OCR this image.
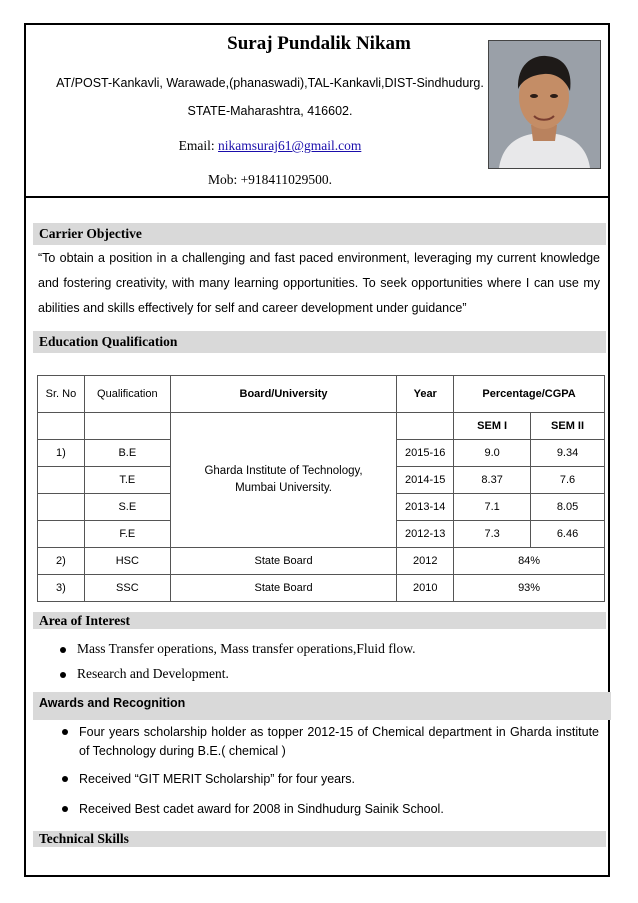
Suraj Pundalik Nikam
AT/POST-Kankavli, Warawade,(phanaswadi),TAL-Kankavli,DIST-Sindhudurg.
STATE-Maharashtra, 416602.
Email: nikamsuraj61@gmail.com
Mob: +918411029500.
Carrier Objective
“To obtain a position in a challenging and fast paced environment, leveraging my current knowledge and fostering creativity, with many learning opportunities. To seek opportunities where I can use my abilities and skills effectively for self and career development under guidance”
Education Qualification
Sr. No	Qualification	Board/University	Year	Percentage/CGPA	
		Gharda Institute of Technology, Mumbai University.		SEM I	SEM II
1)	B.E		2015-16	9.0	9.34
	T.E		2014-15	8.37	7.6
	S.E		2013-14	7.1	8.05
	F.E		2012-13	7.3	6.46
2)	HSC	State Board	2012	84%	
3)	SSC	State Board	2010	93%	
Area of Interest
Mass Transfer operations, Mass transfer operations,Fluid flow.
Research and Development.
Awards and Recognition
Four years scholarship holder as topper 2012-15 of Chemical department in Gharda institute of Technology during B.E.( chemical )
Received “GIT MERIT Scholarship” for four years.
Received Best cadet award for 2008 in Sindhudurg Sainik School.
Technical Skills
